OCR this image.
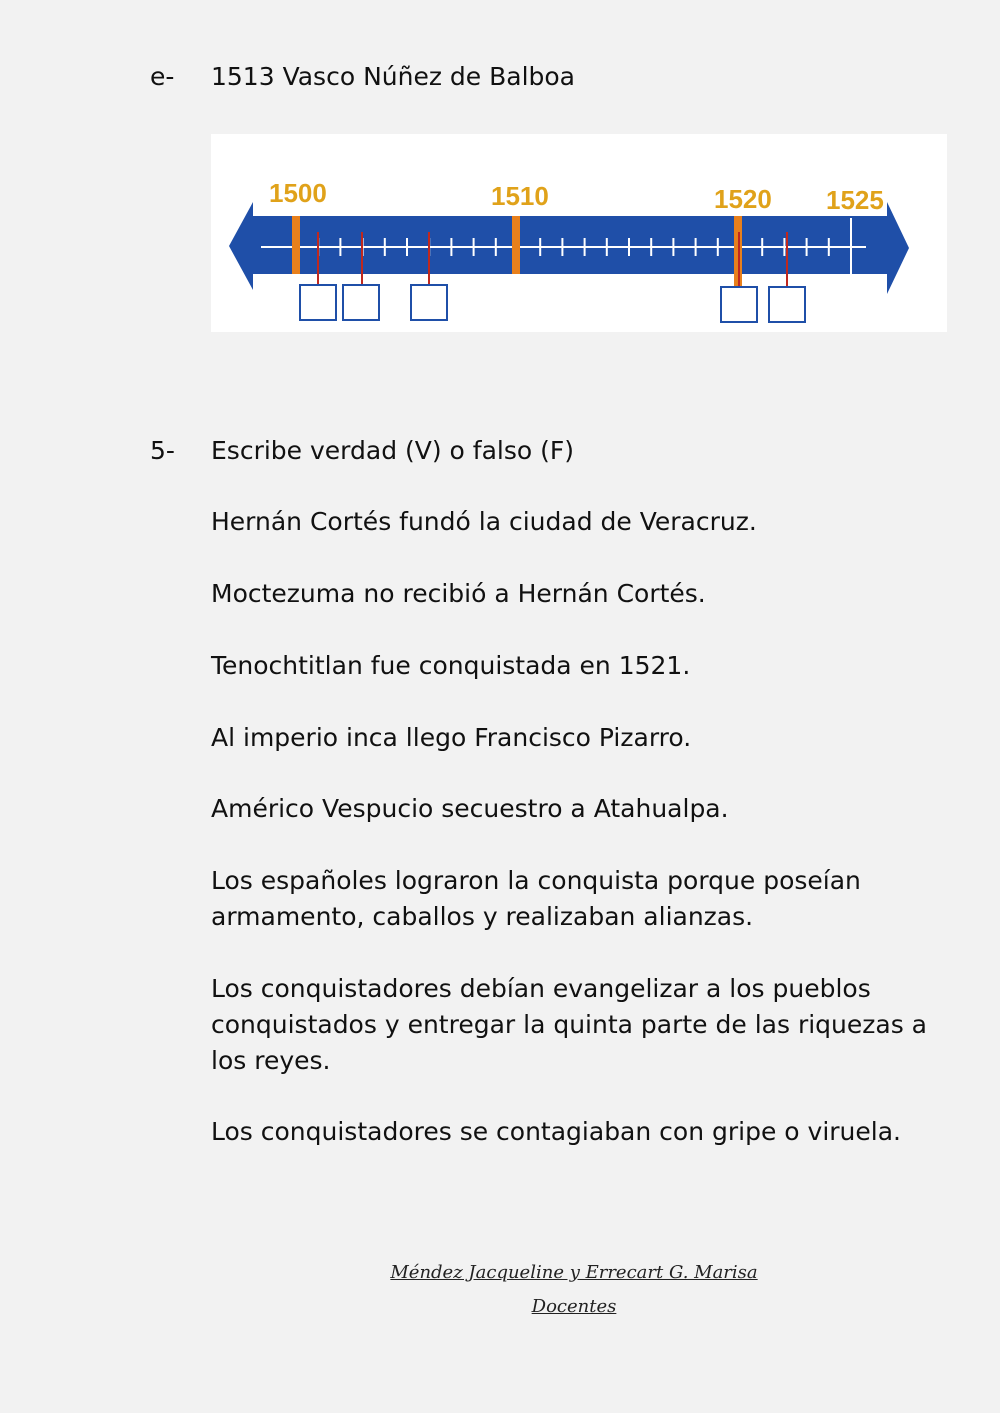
e- 1513 Vasco Núñez de Balboa
1500	1510	1520 1525
5- Escribe verdad (V) o falso (F)
Hernán Cortés fundó la ciudad de Veracruz.
Moctezuma no recibió a Hernán Cortés.
Tenochtitlan fue conquistada en 1521.
Al imperio inca llego Francisco Pizarro.
Américo Vespucio secuestro a Atahualpa.
Los españoles lograron la conquista porque poseían
armamento, caballos y realizaban alianzas.
Los conquistadores debían evangelizar a los pueblos
conquistados y entregar la quinta parte de las riquezas a
los reyes.
Los conquistadores se contagiaban con gripe o viruela.
Méndez Jacqueline y Errecart G. Marisa
Docentes
